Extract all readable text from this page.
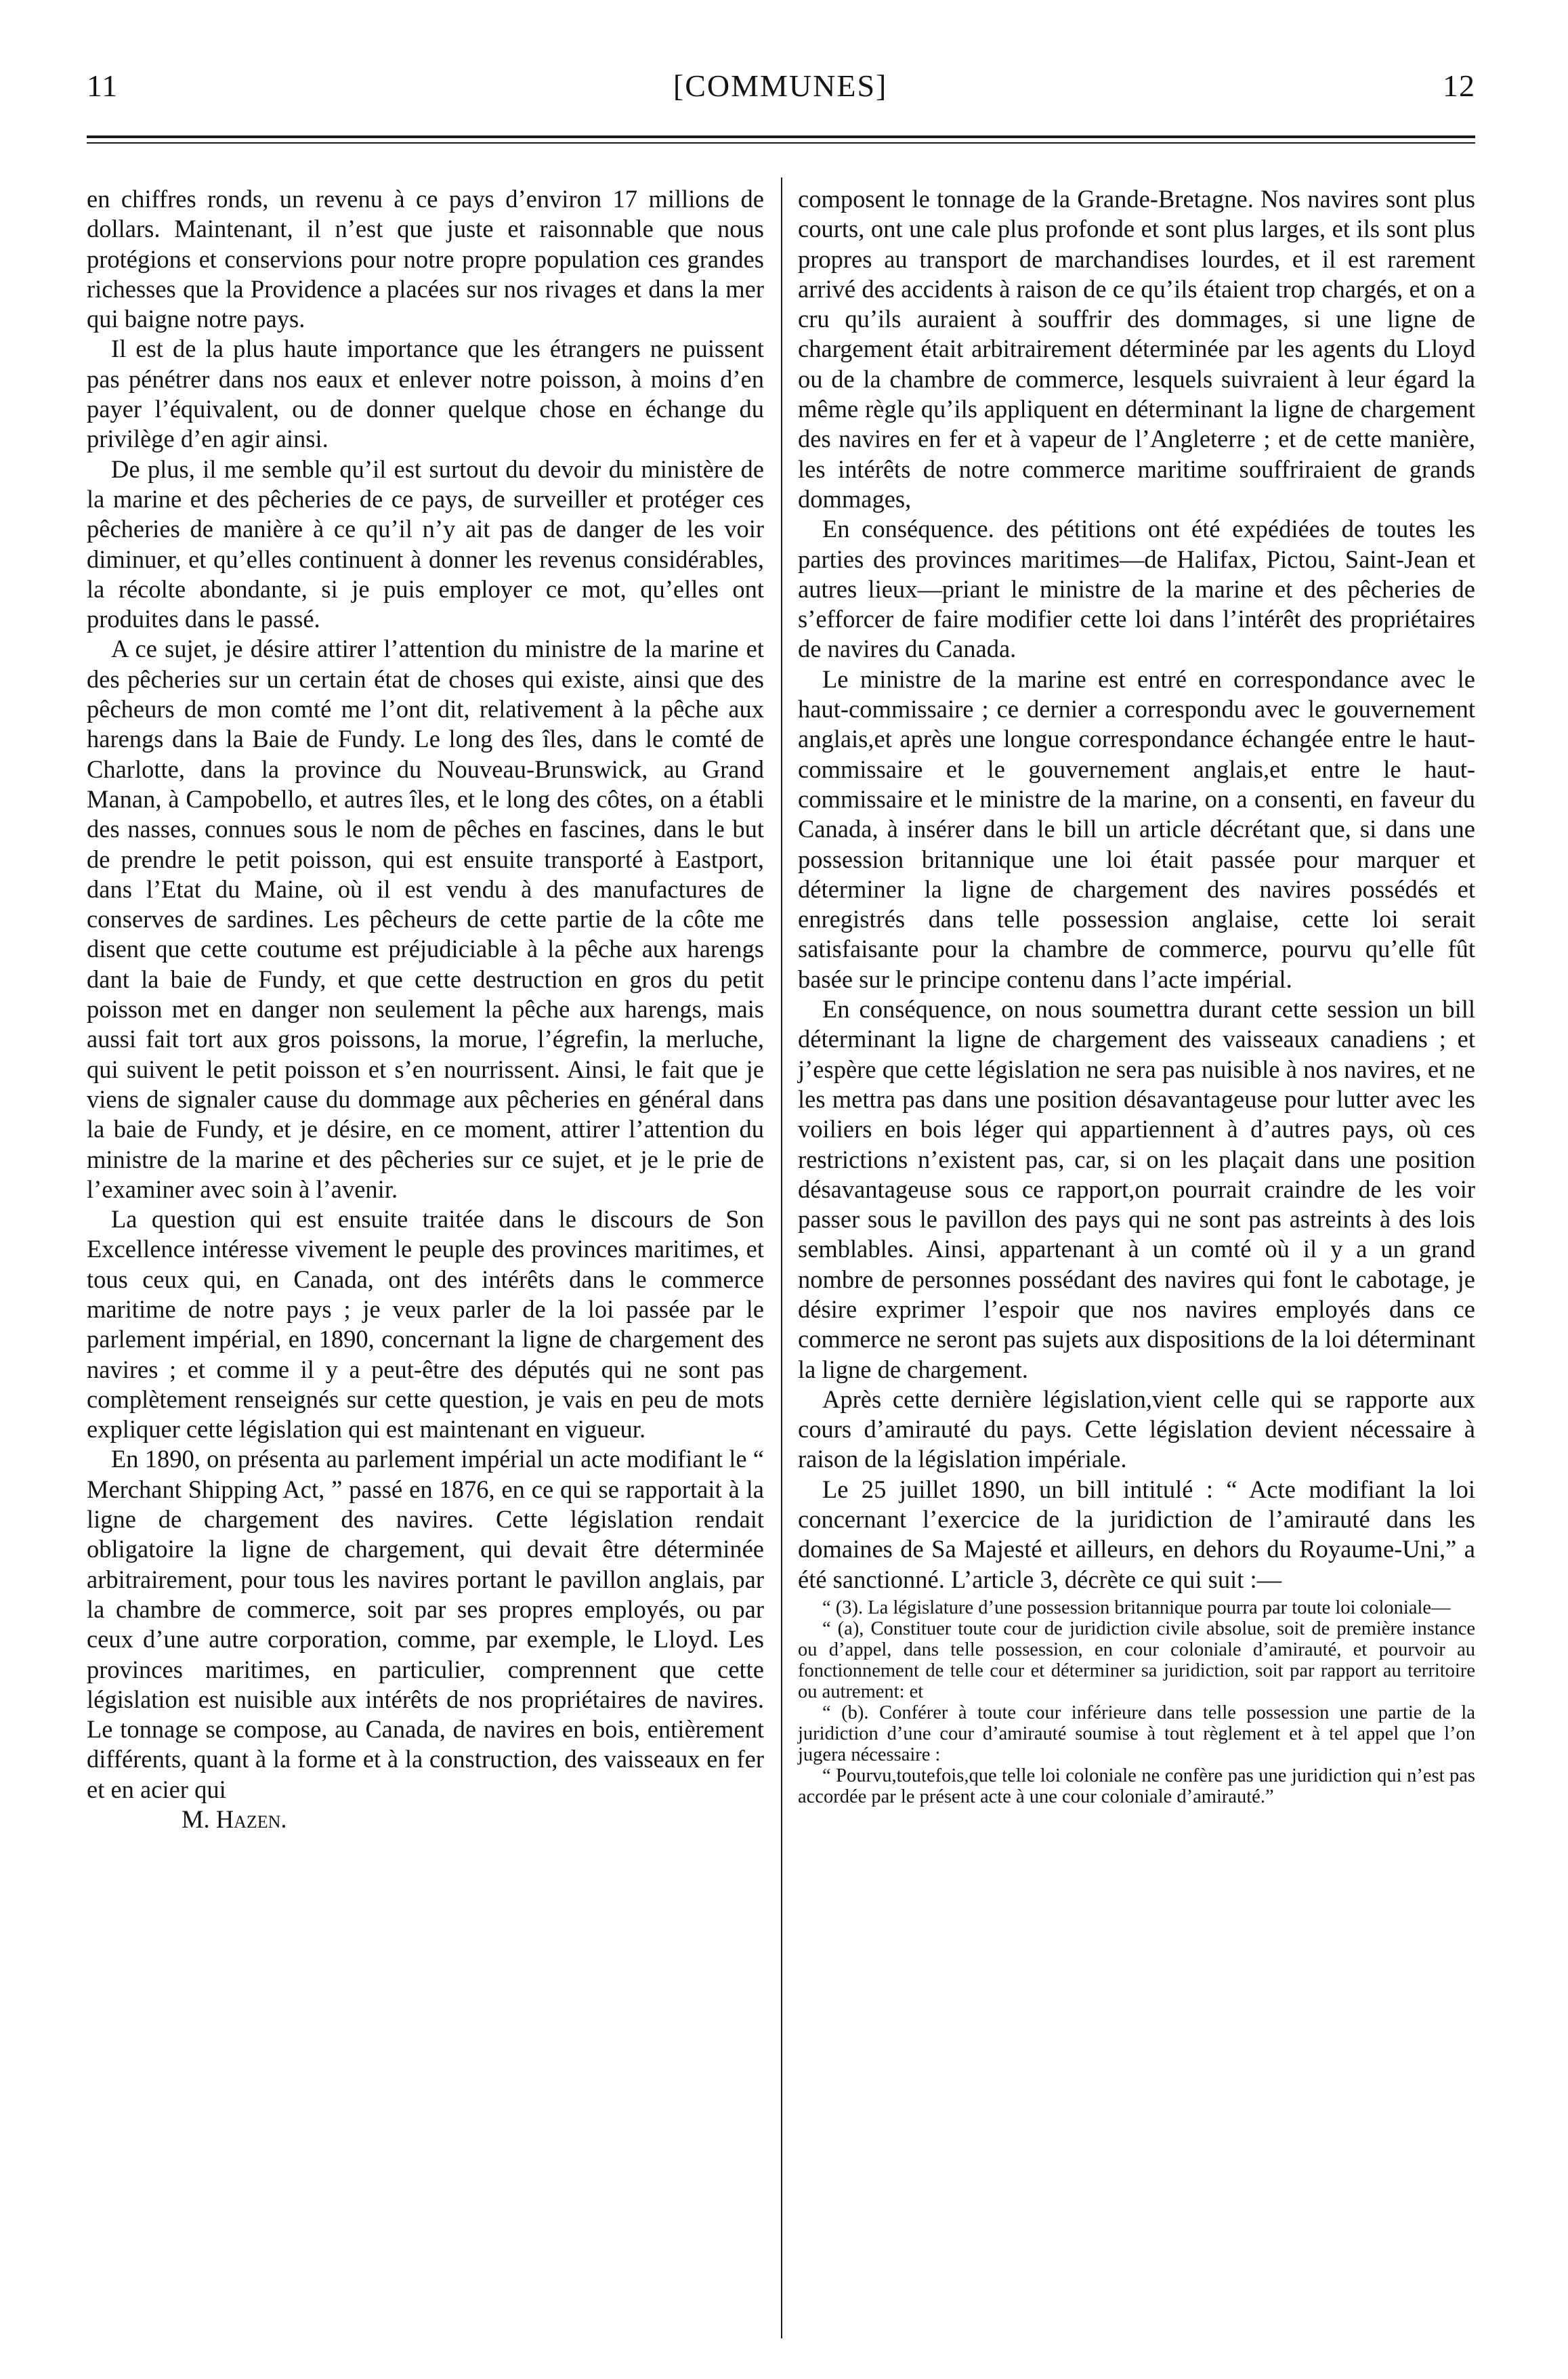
11	[COMMUNES]	12

en chiffres ronds, un revenu à ce pays d’environ 17 millions de dollars. Maintenant, il n’est que juste et raisonnable que nous protégions et conservions pour notre propre population ces grandes richesses que la Providence a placées sur nos rivages et dans la mer qui baigne notre pays.

Il est de la plus haute importance que les étrangers ne puissent pas pénétrer dans nos eaux et enlever notre poisson, à moins d’en payer l’équivalent, ou de donner quelque chose en échange du privilège d’en agir ainsi.

De plus, il me semble qu’il est surtout du devoir du ministère de la marine et des pêcheries de ce pays, de surveiller et protéger ces pêcheries de manière à ce qu’il n’y ait pas de danger de les voir diminuer, et qu’elles continuent à donner les revenus considérables, la récolte abondante, si je puis employer ce mot, qu’elles ont produites dans le passé.

A ce sujet, je désire attirer l’attention du ministre de la marine et des pêcheries sur un certain état de choses qui existe, ainsi que des pêcheurs de mon comté me l’ont dit, relativement à la pêche aux harengs dans la Baie de Fundy. Le long des îles, dans le comté de Charlotte, dans la province du Nouveau-Brunswick, au Grand Manan, à Campobello, et autres îles, et le long des côtes, on a établi des nasses, connues sous le nom de pêches en fascines, dans le but de prendre le petit poisson, qui est ensuite transporté à Eastport, dans l’Etat du Maine, où il est vendu à des manufactures de conserves de sardines. Les pêcheurs de cette partie de la côte me disent que cette coutume est préjudiciable à la pêche aux harengs dant la baie de Fundy, et que cette destruction en gros du petit poisson met en danger non seulement la pêche aux harengs, mais aussi fait tort aux gros poissons, la morue, l’égrefin, la merluche, qui suivent le petit poisson et s’en nourrissent. Ainsi, le fait que je viens de signaler cause du dommage aux pêcheries en général dans la baie de Fundy, et je désire, en ce moment, attirer l’attention du ministre de la marine et des pêcheries sur ce sujet, et je le prie de l’examiner avec soin à l’avenir.

La question qui est ensuite traitée dans le discours de Son Excellence intéresse vivement le peuple des provinces maritimes, et tous ceux qui, en Canada, ont des intérêts dans le commerce maritime de notre pays ; je veux parler de la loi passée par le parlement impérial, en 1890, concernant la ligne de chargement des navires ; et comme il y a peut-être des députés qui ne sont pas complètement renseignés sur cette question, je vais en peu de mots expliquer cette législation qui est maintenant en vigueur.

En 1890, on présenta au parlement impérial un acte modifiant le “ Merchant Shipping Act, ” passé en 1876, en ce qui se rapportait à la ligne de chargement des navires. Cette législation rendait obligatoire la ligne de chargement, qui devait être déterminée arbitrairement, pour tous les navires portant le pavillon anglais, par la chambre de commerce, soit par ses propres employés, ou par ceux d’une autre corporation, comme, par exemple, le Lloyd. Les provinces maritimes, en particulier, comprennent que cette législation est nuisible aux intérêts de nos propriétaires de navires. Le tonnage se compose, au Canada, de navires en bois, entièrement différents, quant à la forme et à la construction, des vaisseaux en fer et en acier qui

M. Hazen.

composent le tonnage de la Grande-Bretagne. Nos navires sont plus courts, ont une cale plus profonde et sont plus larges, et ils sont plus propres au transport de marchandises lourdes, et il est rarement arrivé des accidents à raison de ce qu’ils étaient trop chargés, et on a cru qu’ils auraient à souffrir des dommages, si une ligne de chargement était arbitrairement déterminée par les agents du Lloyd ou de la chambre de commerce, lesquels suivraient à leur égard la même règle qu’ils appliquent en déterminant la ligne de chargement des navires en fer et à vapeur de l’Angleterre ; et de cette manière, les intérêts de notre commerce maritime souffriraient de grands dommages,

En conséquence. des pétitions ont été expédiées de toutes les parties des provinces maritimes—de Halifax, Pictou, Saint-Jean et autres lieux—priant le ministre de la marine et des pêcheries de s’efforcer de faire modifier cette loi dans l’intérêt des propriétaires de navires du Canada.

Le ministre de la marine est entré en correspondance avec le haut-commissaire ; ce dernier a correspondu avec le gouvernement anglais,et après une longue correspondance échangée entre le haut-commissaire et le gouvernement anglais,et entre le haut-commissaire et le ministre de la marine, on a consenti, en faveur du Canada, à insérer dans le bill un article décrétant que, si dans une possession britannique une loi était passée pour marquer et déterminer la ligne de chargement des navires possédés et enregistrés dans telle possession anglaise, cette loi serait satisfaisante pour la chambre de commerce, pourvu qu’elle fût basée sur le principe contenu dans l’acte impérial.

En conséquence, on nous soumettra durant cette session un bill déterminant la ligne de chargement des vaisseaux canadiens ; et j’espère que cette législation ne sera pas nuisible à nos navires, et ne les mettra pas dans une position désavantageuse pour lutter avec les voiliers en bois léger qui appartiennent à d’autres pays, où ces restrictions n’existent pas, car, si on les plaçait dans une position désavantageuse sous ce rapport,on pourrait craindre de les voir passer sous le pavillon des pays qui ne sont pas astreints à des lois semblables. Ainsi, appartenant à un comté où il y a un grand nombre de personnes possédant des navires qui font le cabotage, je désire exprimer l’espoir que nos navires employés dans ce commerce ne seront pas sujets aux dispositions de la loi déterminant la ligne de chargement.

Après cette dernière législation,vient celle qui se rapporte aux cours d’amirauté du pays. Cette législation devient nécessaire à raison de la législation impériale.

Le 25 juillet 1890, un bill intitulé : “ Acte modifiant la loi concernant l’exercice de la juridiction de l’amirauté dans les domaines de Sa Majesté et ailleurs, en dehors du Royaume-Uni,” a été sanctionné. L’article 3, décrète ce qui suit :—

“ (3). La législature d’une possession britannique pourra par toute loi coloniale—

“ (a), Constituer toute cour de juridiction civile absolue, soit de première instance ou d’appel, dans telle possession, en cour coloniale d’amirauté, et pourvoir au fonctionnement de telle cour et déterminer sa juridiction, soit par rapport au territoire ou autrement: et

“ (b). Conférer à toute cour inférieure dans telle possession une partie de la juridiction d’une cour d’amirauté soumise à tout règlement et à tel appel que l’on jugera nécessaire :

“ Pourvu,toutefois,que telle loi coloniale ne confère pas une juridiction qui n’est pas accordée par le présent acte à une cour coloniale d’amirauté.”
